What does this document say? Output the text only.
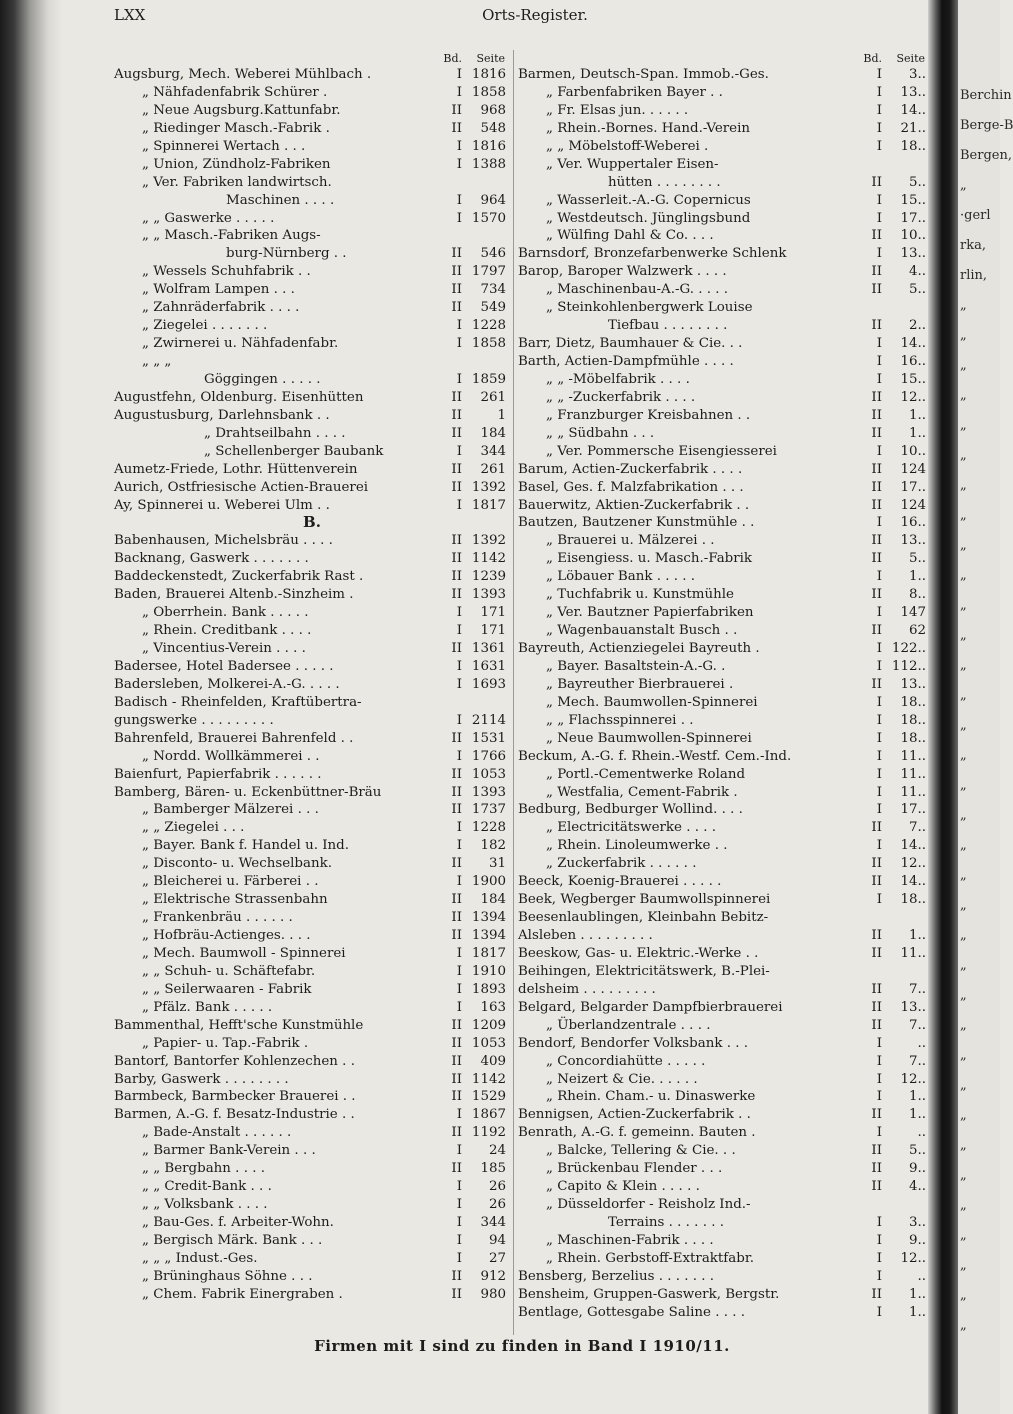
Berchin
Berge-B
Bergen,
„
·gerl
rka,
rlin,
„
„
„
„
„
„
„
„
„
„
„
„
„
„
„
„
„
„
„
„
„
„
„
„
„
„
„
„
„
„
„
„
„
„
„
LXX	Orts-Register.
Bd. Seite
Augsburg, Mech. Weberei Mühlbach .	I 1816
„ Nähfadenfabrik Schürer .	I 1858
„ Neue Augsburg.Kattunfabr.	II	968
„ Riedinger Masch.-Fabrik .	II	548
„ Spinnerei Wertach . . .	I 1816
„ Union, Zündholz-Fabriken	I 1388
„ Ver. Fabriken landwirtsch.
Maschinen . . . .	I	964
„ „ Gaswerke . . . . .	I 1570
„ „ Masch.-Fabriken Augs-
burg-Nürnberg . .	II	546
„ Wessels Schuhfabrik . .	II 1797
„ Wolfram Lampen . . .	II	734
„ Zahnräderfabrik . . . .	II	549
„ Ziegelei . . . . . . .	I 1228
„ Zwirnerei u. Nähfadenfabr.	I 1858
„ „ „
Göggingen . . . . .	I 1859
Augustfehn, Oldenburg. Eisenhütten	II	261
Augustusburg, Darlehnsbank . .	II	1
„ Drahtseilbahn . . . .	II	184
„ Schellenberger Baubank	I	344
Aumetz-Friede, Lothr. Hüttenverein	II	261
Aurich, Ostfriesische Actien-Brauerei	II 1392
Ay, Spinnerei u. Weberei Ulm . .	I 1817
B.
Babenhausen, Michelsbräu . . . .	II 1392
Backnang, Gaswerk . . . . . . .	II 1142
Baddeckenstedt, Zuckerfabrik Rast .	II 1239
Baden, Brauerei Altenb.-Sinzheim .	II 1393
„ Oberrhein. Bank . . . . .	I	171
„ Rhein. Creditbank . . . .	I	171
„ Vincentius-Verein . . . .	II 1361
Badersee, Hotel Badersee . . . . .	I 1631
Badersleben, Molkerei-A.-G. . . . .	I 1693
Badisch - Rheinfelden, Kraftübertra-
gungswerke . . . . . . . . .	I 2114
Bahrenfeld, Brauerei Bahrenfeld . .	II 1531
„ Nordd. Wollkämmerei . .	I 1766
Baienfurt, Papierfabrik . . . . . .	II 1053
Bamberg, Bären- u. Eckenbüttner-Bräu	II 1393
„ Bamberger Mälzerei . . .	II 1737
„ „ Ziegelei . . .	I 1228
„ Bayer. Bank f. Handel u. Ind.	I	182
„ Disconto- u. Wechselbank.	II	31
„ Bleicherei u. Färberei . .	I 1900
„ Elektrische Strassenbahn	II	184
„ Frankenbräu . . . . . .	II 1394
„ Hofbräu-Actienges. . . .	II 1394
„ Mech. Baumwoll - Spinnerei	I 1817
„ „ Schuh- u. Schäftefabr.	I 1910
„ „ Seilerwaaren - Fabrik	I 1893
„ Pfälz. Bank . . . . .	I	163
Bammenthal, Hefft'sche Kunstmühle	II 1209
„ Papier- u. Tap.-Fabrik .	II 1053
Bantorf, Bantorfer Kohlenzechen . .	II	409
Barby, Gaswerk . . . . . . . .	II 1142
Barmbeck, Barmbecker Brauerei . .	II 1529
Barmen, A.-G. f. Besatz-Industrie . .	I 1867
„ Bade-Anstalt . . . . . .	II 1192
„ Barmer Bank-Verein . . .	I	24
„ „ Bergbahn . . . .	II	185
„ „ Credit-Bank . . .	I	26
„ „ Volksbank . . . .	I	26
„ Bau-Ges. f. Arbeiter-Wohn.	I	344
„ Bergisch Märk. Bank . . .	I	94
„ „ „ Indust.-Ges.	I	27
„ Brüninghaus Söhne . . .	II	912
„ Chem. Fabrik Einergraben .	II	980
Bd. Seite
Barmen, Deutsch-Span. Immob.-Ges.	I	3..
„ Farbenfabriken Bayer . .	I	13..
„ Fr. Elsas jun. . . . . .	I	14..
„ Rhein.-Bornes. Hand.-Verein	I	21..
„ „ Möbelstoff-Weberei .	I	18..
„ Ver. Wuppertaler Eisen-
hütten . . . . . . . .	II	5..
„ Wasserleit.-A.-G. Copernicus	I	15..
„ Westdeutsch. Jünglingsbund	I	17..
„ Wülfing Dahl & Co. . . .	II	10..
Barnsdorf, Bronzefarbenwerke Schlenk	I	13..
Barop, Baroper Walzwerk . . . .	II	4..
„ Maschinenbau-A.-G. . . . .	II	5..
„ Steinkohlenbergwerk Louise
Tiefbau . . . . . . . .	II	2..
Barr, Dietz, Baumhauer & Cie. . .	I	14..
Barth, Actien-Dampfmühle . . . .	I	16..
„ „ -Möbelfabrik . . . .	I	15..
„ „ -Zuckerfabrik . . . .	II	12..
„ Franzburger Kreisbahnen . .	II	1..
„ „ Südbahn . . .	II	1..
„ Ver. Pommersche Eisengiesserei	I	10..
Barum, Actien-Zuckerfabrik . . . .	II	124
Basel, Ges. f. Malzfabrikation . . .	II	17..
Bauerwitz, Aktien-Zuckerfabrik . .	II	124
Bautzen, Bautzener Kunstmühle . .	I	16..
„ Brauerei u. Mälzerei . .	II	13..
„ Eisengiess. u. Masch.-Fabrik	II	5..
„ Löbauer Bank . . . . .	I	1..
„ Tuchfabrik u. Kunstmühle	II	8..
„ Ver. Bautzner Papierfabriken	I	147
„ Wagenbauanstalt Busch . .	II	62
Bayreuth, Actienziegelei Bayreuth .	I 122..
„ Bayer. Basaltstein-A.-G. .	I 112..
„ Bayreuther Bierbrauerei .	II	13..
„ Mech. Baumwollen-Spinnerei	I	18..
„ „ Flachsspinnerei . .	I	18..
„ Neue Baumwollen-Spinnerei	I	18..
Beckum, A.-G. f. Rhein.-Westf. Cem.-Ind.	I	11..
„ Portl.-Cementwerke Roland	I	11..
„ Westfalia, Cement-Fabrik .	I	11..
Bedburg, Bedburger Wollind. . . .	I	17..
„ Electricitätswerke . . . .	II	7..
„ Rhein. Linoleumwerke . .	I	14..
„ Zuckerfabrik . . . . . .	II	12..
Beeck, Koenig-Brauerei . . . . .	II	14..
Beek, Wegberger Baumwollspinnerei	I	18..
Beesenlaublingen, Kleinbahn Bebitz-
Alsleben . . . . . . . . .	II	1..
Beeskow, Gas- u. Elektric.-Werke . .	II	11..
Beihingen, Elektricitätswerk, B.-Plei-
delsheim . . . . . . . . .	II	7..
Belgard, Belgarder Dampfbierbrauerei	II	13..
„ Überlandzentrale . . . .	II	7..
Bendorf, Bendorfer Volksbank . . .	I	..
„ Concordiahütte . . . . .	I	7..
„ Neizert & Cie. . . . . .	I	12..
„ Rhein. Cham.- u. Dinaswerke	I	1..
Bennigsen, Actien-Zuckerfabrik . .	II	1..
Benrath, A.-G. f. gemeinn. Bauten .	I	..
„ Balcke, Tellering & Cie. . .	II	5..
„ Brückenbau Flender . . .	II	9..
„ Capito & Klein . . . . .	II	4..
„ Düsseldorfer - Reisholz Ind.-
Terrains . . . . . . .	I	3..
„ Maschinen-Fabrik . . . .	I	9..
„ Rhein. Gerbstoff-Extraktfabr.	I	12..
Bensberg, Berzelius . . . . . . .	I	..
Bensheim, Gruppen-Gaswerk, Bergstr.	II	1..
Bentlage, Gottesgabe Saline . . . .	I	1..
Firmen mit I sind zu finden in Band I 1910/11.
